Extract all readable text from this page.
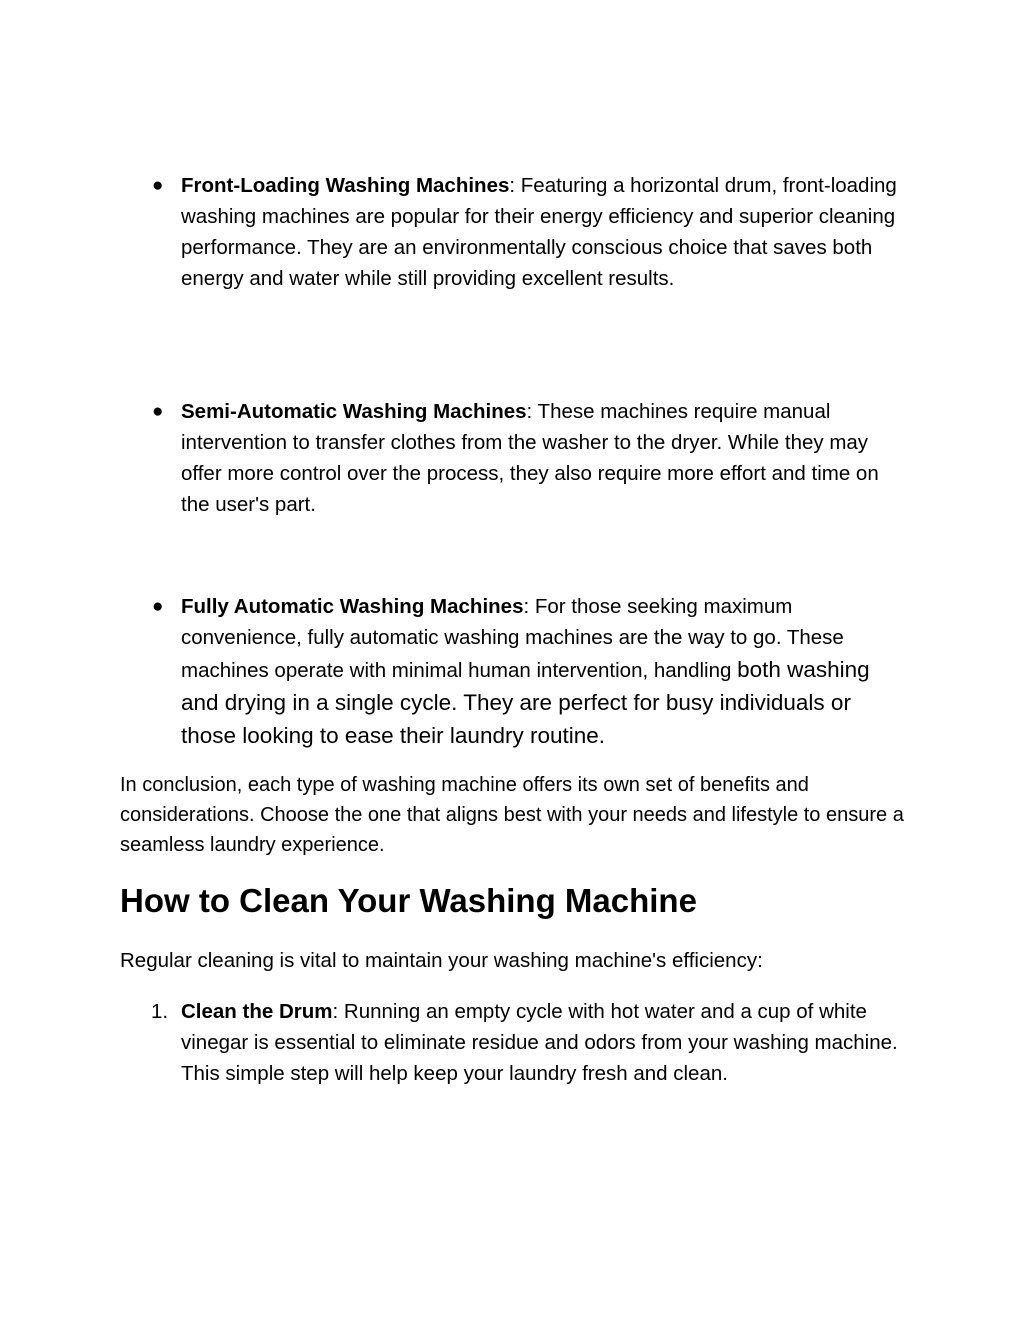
● Front-Loading Washing Machines: Featuring a horizontal drum, front-loading washing machines are popular for their energy efficiency and superior cleaning performance. They are an environmentally conscious choice that saves both energy and water while still providing excellent results.
● Semi-Automatic Washing Machines: These machines require manual intervention to transfer clothes from the washer to the dryer. While they may offer more control over the process, they also require more effort and time on the user's part.
● Fully Automatic Washing Machines: For those seeking maximum convenience, fully automatic washing machines are the way to go. These machines operate with minimal human intervention, handling both washing and drying in a single cycle. They are perfect for busy individuals or those looking to ease their laundry routine.

In conclusion, each type of washing machine offers its own set of benefits and considerations. Choose the one that aligns best with your needs and lifestyle to ensure a seamless laundry experience.

How to Clean Your Washing Machine

Regular cleaning is vital to maintain your washing machine's efficiency:

1. Clean the Drum: Running an empty cycle with hot water and a cup of white vinegar is essential to eliminate residue and odors from your washing machine. This simple step will help keep your laundry fresh and clean.
